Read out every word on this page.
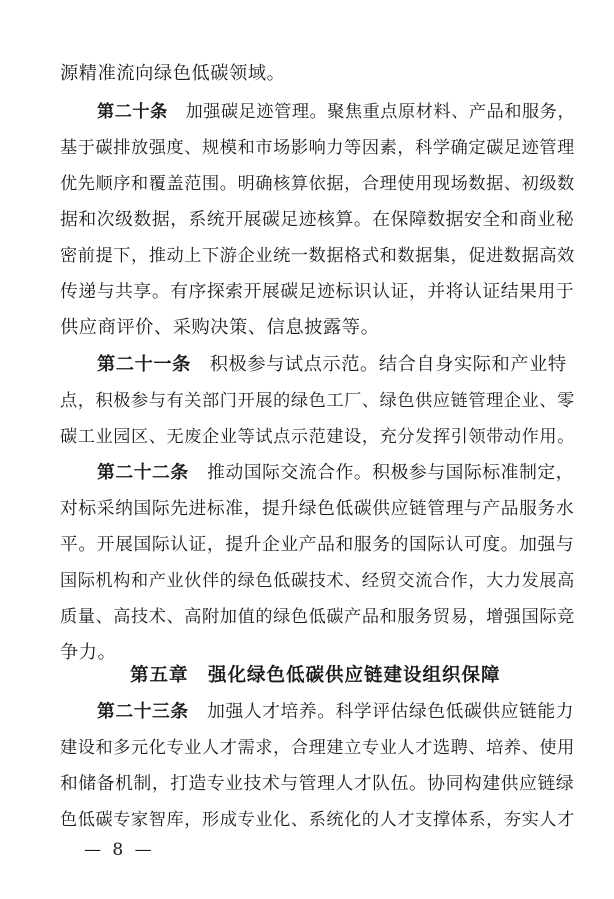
源精准流向绿色低碳领域。
第二十条　 加强碳足迹管理。聚焦重点原材料、产品和服务，
基于碳排放强度、规模和市场影响力等因素，科学确定碳足迹管理
优先顺序和覆盖范围。明确核算依据，合理使用现场数据、初级数
据和次级数据，系统开展碳足迹核算。在保障数据安全和商业秘
密前提下，推动上下游企业统一数据格式和数据集，促进数据高效
传递与共享。有序探索开展碳足迹标识认证，并将认证结果用于
供应商评价、采购决策、信息披露等。
第二十一条　 积极参与试点示范。结合自身实际和产业特
点，积极参与有关部门开展的绿色工厂、绿色供应链管理企业、零
碳工业园区、无废企业等试点示范建设，充分发挥引领带动作用。
第二十二条　 推动国际交流合作。积极参与国际标准制定，
对标采纳国际先进标准，提升绿色低碳供应链管理与产品服务水
平。开展国际认证，提升企业产品和服务的国际认可度。加强与
国际机构和产业伙伴的绿色低碳技术、经贸交流合作，大力发展高
质量、高技术、高附加值的绿色低碳产品和服务贸易，增强国际竞
争力。
第五章　强化绿色低碳供应链建设组织保障
第二十三条　 加强人才培养。科学评估绿色低碳供应链能力
建设和多元化专业人才需求，合理建立专业人才选聘、培养、使用
和储备机制，打造专业技术与管理人才队伍。协同构建供应链绿
色低碳专家智库，形成专业化、系统化的人才支撑体系，夯实人才
— 8 —
